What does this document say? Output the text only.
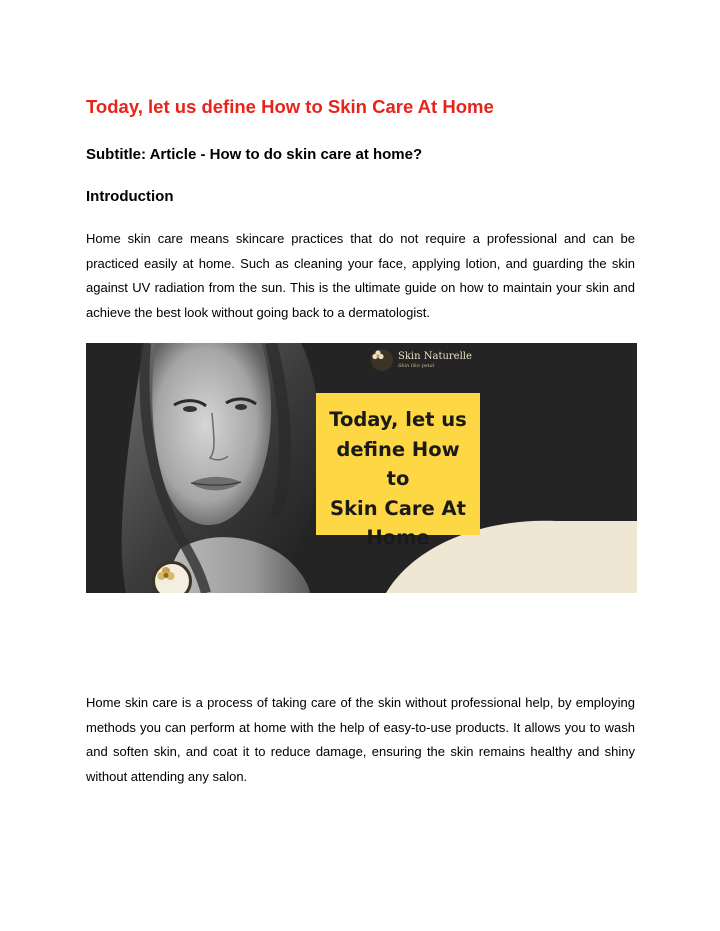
Today, let us define How to Skin Care At Home

Subtitle: Article - How to do skin care at home?

Introduction

Home skin care means skincare practices that do not require a professional and can be practiced easily at home. Such as cleaning your face, applying lotion, and guarding the skin against UV radiation from the sun. This is the ultimate guide on how to maintain your skin and achieve the best look without going back to a dermatologist.

Skin Naturelle
Skin like petal
Today, let us
define How to
Skin Care At
Home

Home skin care is a process of taking care of the skin without professional help, by employing methods you can perform at home with the help of easy-to-use products. It allows you to wash and soften skin, and coat it to reduce damage, ensuring the skin remains healthy and shiny without attending any salon.
